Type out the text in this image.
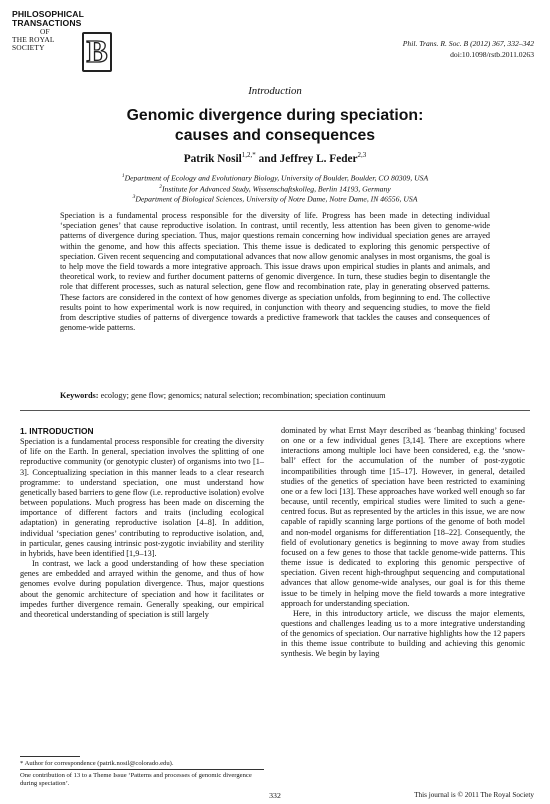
PHILOSOPHICAL
TRANSACTIONS
OF
THE ROYAL
SOCIETY	B	Phil. Trans. R. Soc. B (2012) 367, 332–342
doi:10.1098/rstb.2011.0263
Introduction
Genomic divergence during speciation:
causes and consequences
Patrik Nosil$^{1,2,*}$ and Jeffrey L. Feder$^{2,3}$
$^1$Department of Ecology and Evolutionary Biology, University of Boulder, Boulder, CO 80309, USA
$^2$Institute for Advanced Study, Wissenschaftskolleg, Berlin 14193, Germany
$^3$Department of Biological Sciences, University of Notre Dame, Notre Dame, IN 46556, USA
Speciation is a fundamental process responsible for the diversity of life. Progress has been made in detecting individual ‘speciation genes’ that cause reproductive isolation. In contrast, until recently, less attention has been given to genome-wide patterns of divergence during speciation. Thus, major questions remain concerning how individual speciation genes are arrayed within the genome, and how this affects speciation. This theme issue is dedicated to exploring this genomic perspective of speciation. Given recent sequencing and computational advances that now allow genomic analyses in most organisms, the goal is to help move the field towards a more integrative approach. This issue draws upon empirical studies in plants and animals, and theoretical work, to review and further document patterns of genomic divergence. In turn, these studies begin to disentangle the role that different processes, such as natural selection, gene flow and recombination rate, play in generating observed patterns. These factors are considered in the context of how genomes diverge as speciation unfolds, from beginning to end. The collective results point to how experimental work is now required, in conjunction with theory and sequencing studies, to move the field from descriptive studies of patterns of divergence towards a predictive framework that tackles the causes and consequences of genome-wide patterns.
Keywords: ecology; gene flow; genomics; natural selection; recombination; speciation continuum

1. INTRODUCTION

Speciation is a fundamental process responsible for creating the diversity of life on the Earth. In general, speciation involves the splitting of one reproductive community (or genotypic cluster) of organisms into two [1–3]. Conceptualizing speciation in this manner leads to a clear research programme: to understand speciation, one must understand how genetically based barriers to gene flow (i.e. reproductive isolation) evolve between populations. Much progress has been made on discerning the importance of different factors and traits (including ecological adaptation) in generating reproductive isolation [4–8]. In addition, individual ‘speciation genes’ contributing to reproductive isolation, and, in particular, genes causing intrinsic post-zygotic inviability and sterility in hybrids, have been identified [1,9–13].

In contrast, we lack a good understanding of how these speciation genes are embedded and arrayed within the genome, and thus of how genomes evolve during population divergence. Thus, major questions about the genomic architecture of speciation and how it facilitates or impedes further divergence remain. Generally speaking, our empirical and theoretical understanding of speciation is still largely

dominated by what Ernst Mayr described as ‘beanbag thinking’ focused on one or a few individual genes [3,14]. There are exceptions where interactions among multiple loci have been considered, e.g. the ‘snow-ball’ effect for the accumulation of the number of post-zygotic incompatibilities through time [15–17]. However, in general, detailed studies of the genetics of speciation have been restricted to examining one or a few loci [13]. These approaches have worked well enough so far because, until recently, empirical studies were limited to such a gene-centred focus. But as represented by the articles in this issue, we are now capable of rapidly scanning large portions of the genome of both model and non-model organisms for differentiation [18–22]. Consequently, the field of evolutionary genetics is beginning to move away from studies focused on a few genes to those that tackle genome-wide patterns. This theme issue is dedicated to exploring this genomic perspective of speciation. Given recent high-throughput sequencing and computational advances that allow genome-wide analyses, our goal is for this theme issue to be timely in helping move the field towards a more integrative approach for understanding speciation.

Here, in this introductory article, we discuss the major elements, questions and challenges leading us to a more integrative understanding of the genomics of speciation. Our narrative highlights how the 12 papers in this theme issue contribute to building and achieving this genomic synthesis. We begin by laying

* Author for correspondence (patrik.nosil@colorado.edu).
One contribution of 13 to a Theme Issue ‘Patterns and processes of genomic divergence during speciation’.
332	This journal is © 2011 The Royal Society
